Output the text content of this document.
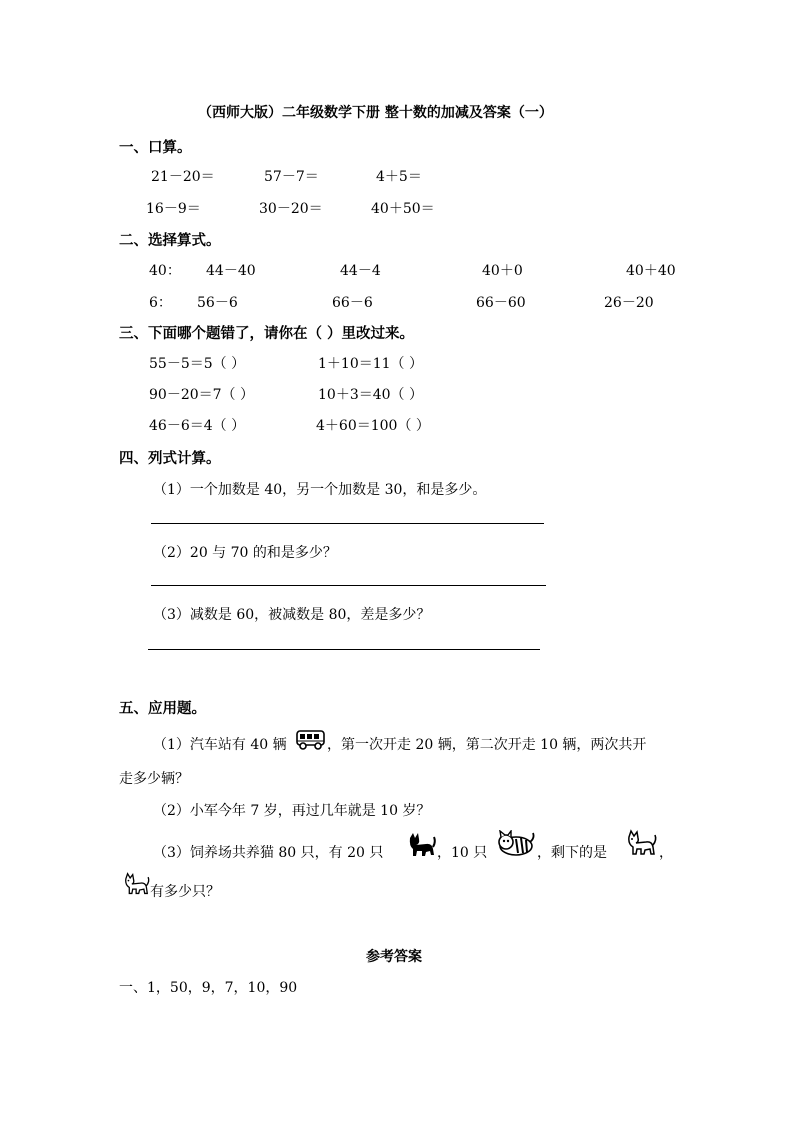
（西师大版）二年级数学下册 整十数的加减及答案（一）
一、口算。
21－20＝	57－7＝	4＋5＝
16－9＝	30－20＝	40＋50＝
二、选择算式。
40： 44－40	44－4	40＋0	40＋40
6： 56－6	66－6	66－60	26－20
三、下面哪个题错了，请你在（ ）里改过来。
55－5＝5（ ）	1＋10＝11（ ）
90－20＝7（ ）	10＋3＝40（ ）
46－6＝4（ ）	4＋60＝100（ ）
四、列式计算。
（1）一个加数是 40，另一个加数是 30，和是多少。
（2）20 与 70 的和是多少？
（3）减数是 60，被减数是 80，差是多少？
五、应用题。
（1）汽车站有 40 辆	，第一次开走 20 辆，第二次开走 10 辆，两次共开
走多少辆？
（2）小军今年 7 岁，再过几年就是 10 岁？
（3）饲养场共养猫 80 只，有 20 只	，10 只	，剩下的是	，
有多少只？
参考答案
一、1，50，9，7，10，90
